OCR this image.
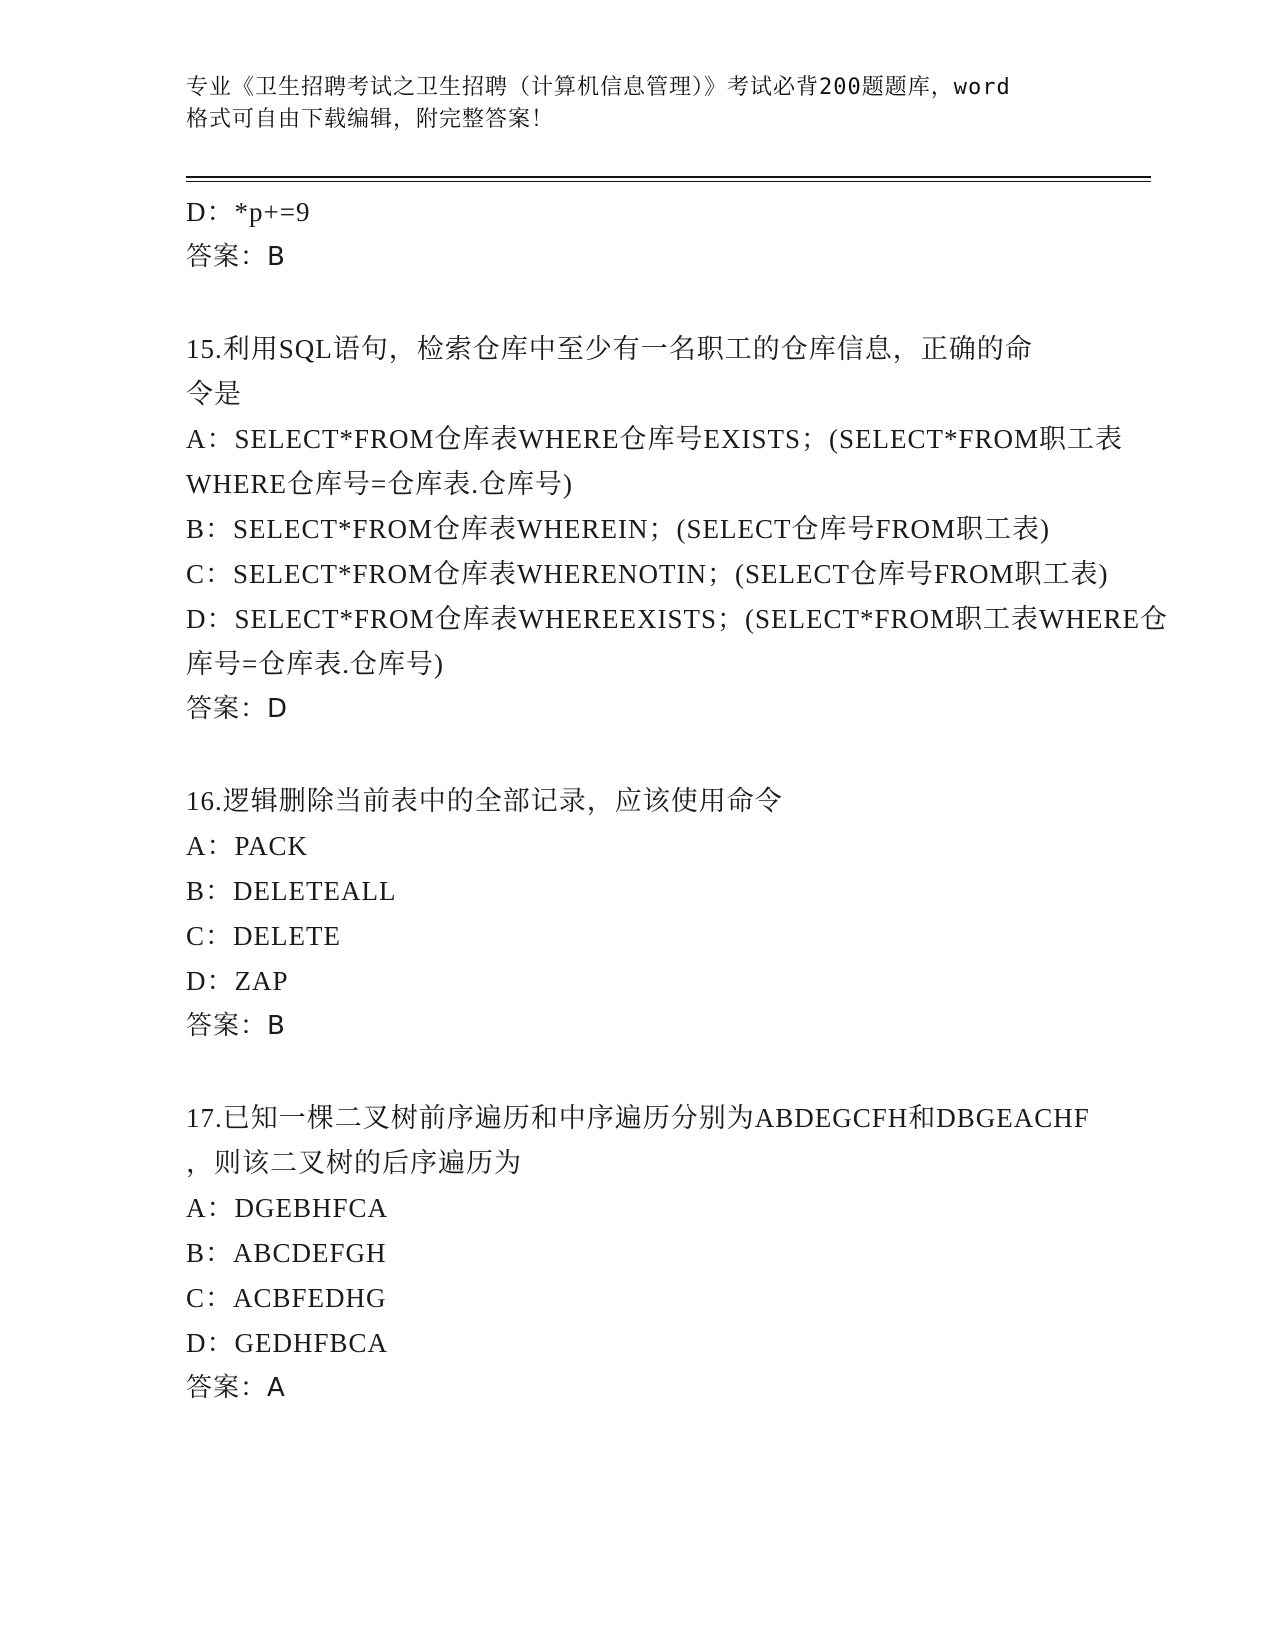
专业《卫生招聘考试之卫生招聘（计算机信息管理）》考试必背200题题库，word
格式可自由下载编辑，附完整答案！
D：*p+=9
答案：B
15.利用SQL语句，检索仓库中至少有一名职工的仓库信息，正确的命
令是
A：SELECT*FROM仓库表WHERE仓库号EXISTS；(SELECT*FROM职工表
WHERE仓库号=仓库表.仓库号)
B：SELECT*FROM仓库表WHEREIN；(SELECT仓库号FROM职工表)
C：SELECT*FROM仓库表WHERENOTIN；(SELECT仓库号FROM职工表)
D：SELECT*FROM仓库表WHEREEXISTS；(SELECT*FROM职工表WHERE仓
库号=仓库表.仓库号)
答案：D
16.逻辑删除当前表中的全部记录，应该使用命令
A：PACK
B：DELETEALL
C：DELETE
D：ZAP
答案：B
17.已知一棵二叉树前序遍历和中序遍历分别为ABDEGCFH和DBGEACHF
，则该二叉树的后序遍历为
A：DGEBHFCA
B：ABCDEFGH
C：ACBFEDHG
D：GEDHFBCA
答案：A
